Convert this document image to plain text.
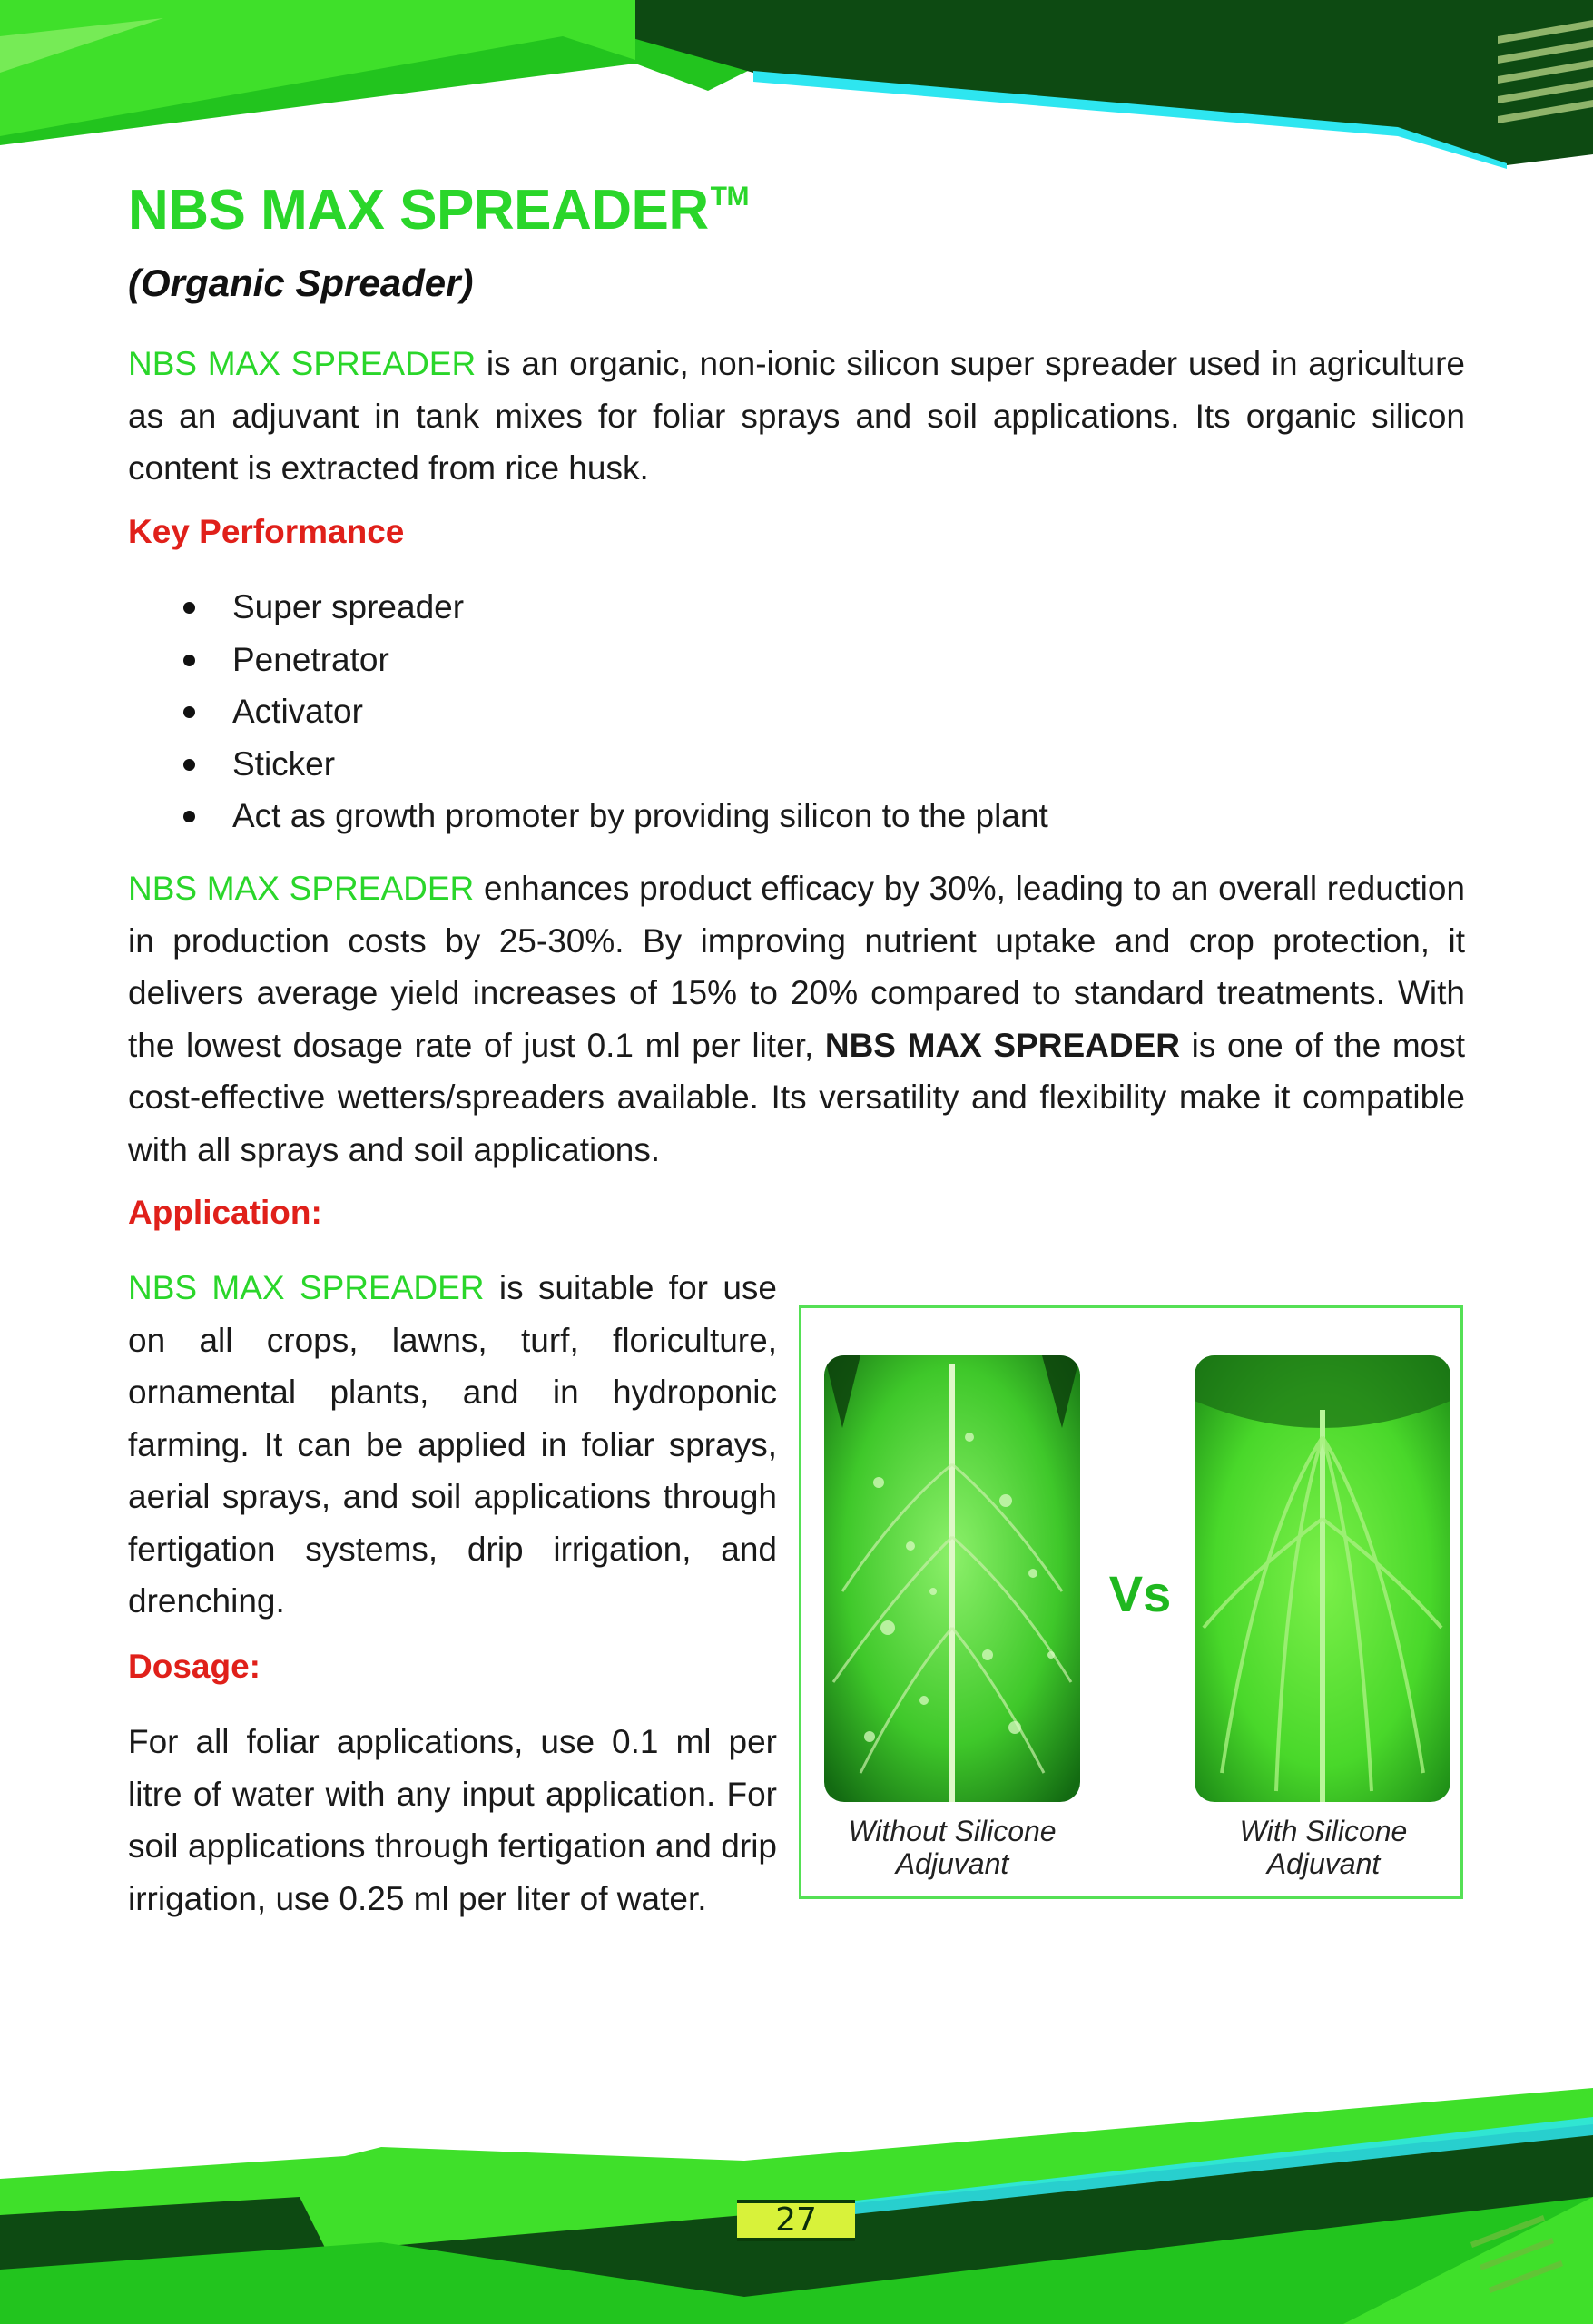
NBS MAX SPREADER™
(Organic Spreader)
NBS MAX SPREADER is an organic, non-ionic silicon super spreader used in agriculture as an adjuvant in tank mixes for foliar sprays and soil applications. Its organic silicon content is extracted from rice husk.
Key Performance
Super spreader
Penetrator
Activator
Sticker
Act as growth promoter by providing silicon to the plant
NBS MAX SPREADER enhances product efficacy by 30%, leading to an overall reduction in production costs by 25-30%. By improving nutrient uptake and crop protection, it delivers average yield increases of 15% to 20% compared to standard treatments. With the lowest dosage rate of just 0.1 ml per liter, NBS MAX SPREADER is one of the most cost-effective wetters/spreaders available. Its versatility and flexibility make it compatible with all sprays and soil applications.
Application:
NBS MAX SPREADER is suitable for use on all crops, lawns, turf, floriculture, ornamental plants, and in hydroponic farming. It can be applied in foliar sprays, aerial sprays, and soil applications through fertigation systems, drip irrigation, and drenching.
Dosage:
For all foliar applications, use 0.1 ml per litre of water with any input application. For soil applications through fertigation and drip irrigation, use 0.25 ml per liter of water.
Vs
Without Silicone
Adjuvant
With Silicone
Adjuvant
27
